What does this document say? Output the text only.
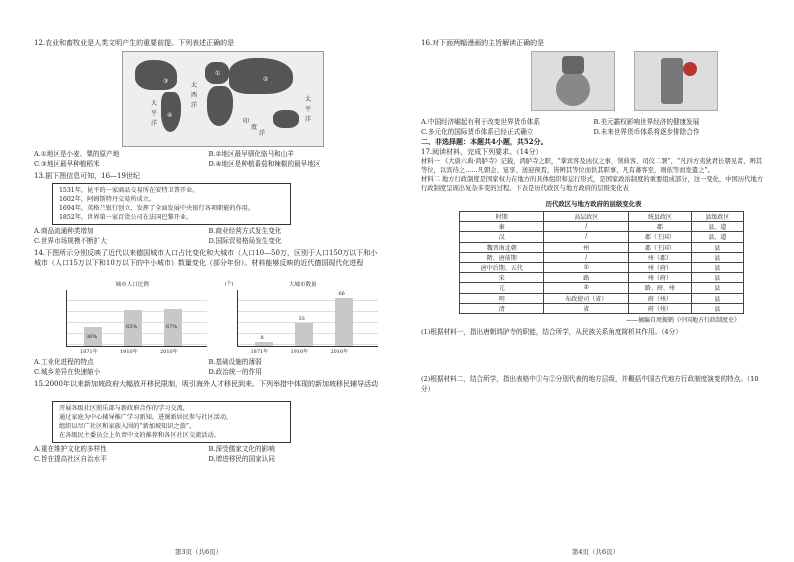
12.农业和畜牧业是人类文明产生的重要前提。下列表述正确的是
大
平
洋
大
西
洋
印
度
洋
太
平
洋
③
①
②
④
A.①地区是小麦、粟的原产地	B.②地区最早驯化骆马和山羊
C.③地区最早种植稻米	D.④地区是种植番茄和辣椒的最早地区
13.据下图信息可知，16—19世纪
1531年，昆平的一家商品交易所在安特卫普开业。
1602年，阿姆斯特丹交易所成立。
1694年，英格兰银行创立，发挥了全面发展中央银行各项职能的作用。
1852年，世界第一家百货公司在法国巴黎开业。
A.商品流通种类增加	B.商业经营方式发生变化
C.世界市场规模不断扩大	D.国际贸易格局发生变化
14.下图所示分别反映了近代以来德国城市人口占比变化和大城市（人口10—50万，区别于人口150万以下和小城市（人口15万以下和10万以下的中小城市）数量变化（部分年份）。材料能够反映的近代德国现代化进程
城市人口比例
36%
65%	67%
1871年	1910年	2010年
(个)	大城市数量
8
33
66
1871年	1910年	2010年
A.工业化进程的特点	B.基础设施的薄弱
C.城乡差异在快速缩小	D.政治统一的作用
15.2000年以来新加坡政府大幅放开移民限制，吸引海外人才移民到来。下列举措中体现的新加坡移民辅导活动
开展各级社区照乐部与新政府合作的学习交流，
通过家庭为中心辅导推广学习新知、进课新居民参与社区活动，
组织以尽广社区和家族入围的“新加坡知识之旅”，
在各级民主委员会上负责中文的推荐和各区社区交流活动。
A.重在维护文化的多样性	B.深受儒家文化的影响
C.旨在提高社区自治水平	D.增进移民的国家认同
第3页（共6页）
16.对下面两幅漫画的主旨解读正确的是

A.中国经济崛起有利于改变世界货币体系	B.美元霸权影响世界经济的健康发展
C.多元化的国际货币体系已经正式确立	D.未来世界货币体系将逐步排除合作
二、非选择题：本题共4小题，共52分。
17.阅读材料，完成下列要求。（14分）
材料一 《大唐六典·鸿胪寺》记载，鸿胪寺之职，“掌宾客及凶仪之事，领典客、司仪二署”，“凡四方夷狄君长朝见者，辨其等位，以宾待之……凡朝会、宴享、送迎预焉，皆辨其等位而供其职事，凡有蕃客至，则依等而发遣之”。
材料二 地方行政制度是国家权力在地方的具体组织和运行形式，是国家政治制度的重要组成部分，这一变化，中国历代地方行政制度呈现出复杂多变的过程。下表是历代政区与地方政府的层级变化表
历代政区与地方政府的层级变化表
时期	高层政区	统县政区	县级政区
秦	/	郡	县、道
汉	/	郡（王国）	县、道
魏晋南北朝	州	郡（王国）	县
隋、唐前期	/	州（郡）	县
唐中后期、五代	①	州（府）	县
宋	路	州（府）	县
元	②	路、府、州	县
明	布政使司（省）	府（州）	县
清	省	府（州）	县
——摘编自周振鹤《中国地方行政制度史》
(1)根据材料一，指出唐朝鸿胪寺的职能，结合所学，从民族关系角度简析其作用。（4分）
(2)根据材料二，结合所学，指出表格中①与②分别代表的地方层级，并概括中国古代地方行政制度演变的特点。（10分）
第4页（共6页）
